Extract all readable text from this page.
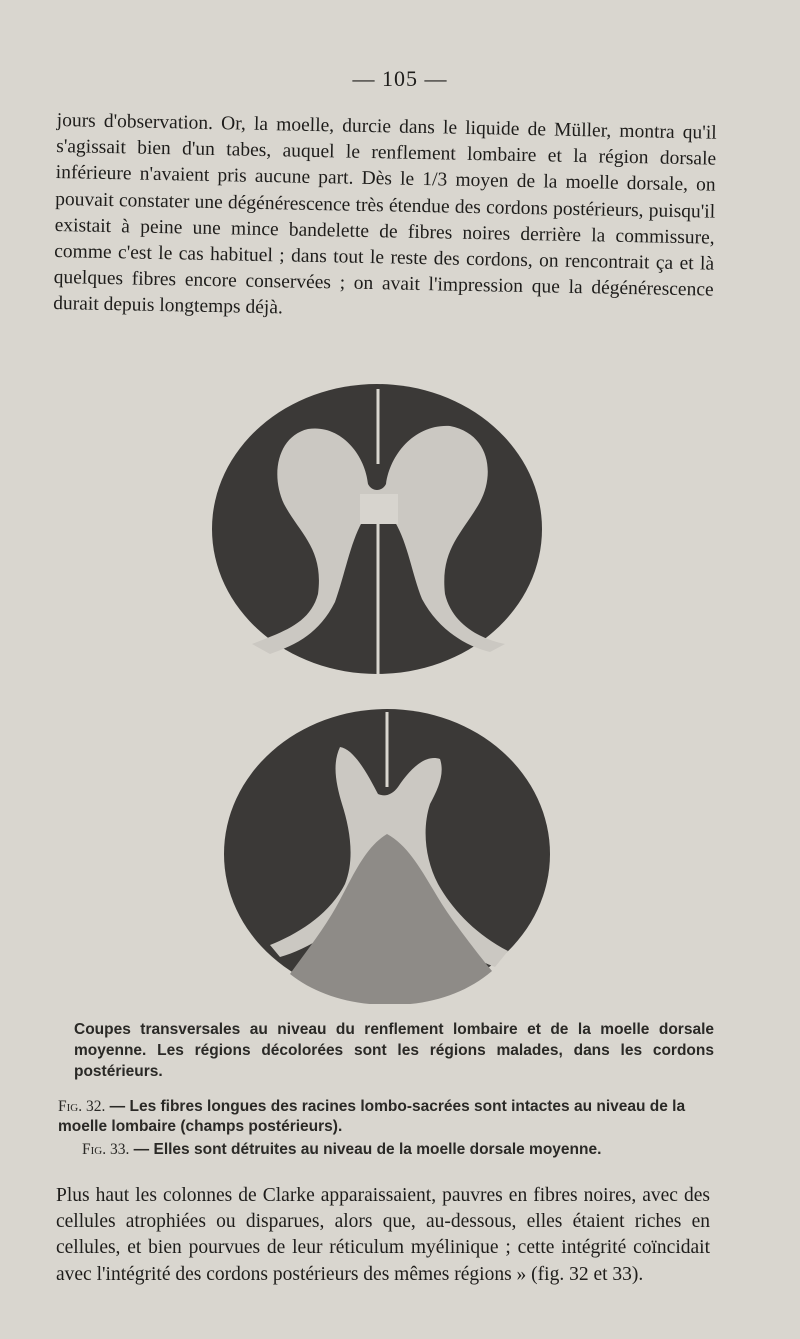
— 105 —

jours d'observation. Or, la moelle, durcie dans le liquide de Müller, montra qu'il s'agissait bien d'un tabes, auquel le renflement lombaire et la région dorsale inférieure n'avaient pris aucune part. Dès le 1/3 moyen de la moelle dorsale, on pouvait constater une dégénérescence très étendue des cordons postérieurs, puisqu'il existait à peine une mince bandelette de fibres noires derrière la commissure, comme c'est le cas habituel ; dans tout le reste des cordons, on rencontrait ça et là quelques fibres encore conservées ; on avait l'impression que la dégénérescence durait depuis longtemps déjà.

Coupes transversales au niveau du renflement lombaire et de la moelle dorsale moyenne. Les régions décolorées sont les régions malades, dans les cordons postérieurs.

Fig. 32. — Les fibres longues des racines lombo-sacrées sont intactes au niveau de la moelle lombaire (champs postérieurs).

Fig. 33. — Elles sont détruites au niveau de la moelle dorsale moyenne.

Plus haut les colonnes de Clarke apparaissaient, pauvres en fibres noires, avec des cellules atrophiées ou disparues, alors que, au-dessous, elles étaient riches en cellules, et bien pourvues de leur réticulum myélinique ; cette intégrité coïncidait avec l'intégrité des cordons postérieurs des mêmes régions » (fig. 32 et 33).
